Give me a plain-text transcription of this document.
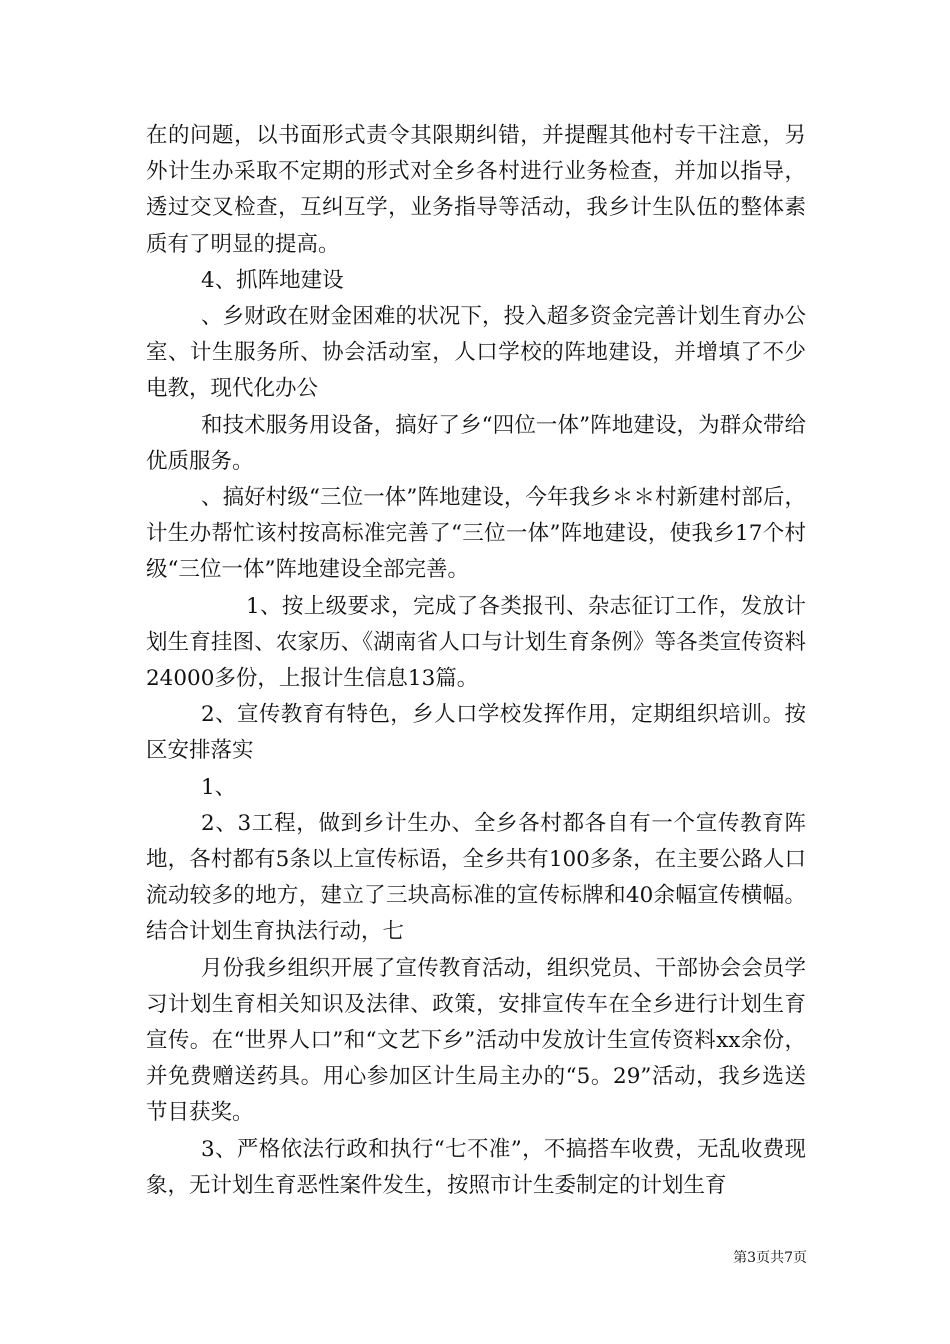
在的问题，以书面形式责令其限期纠错，并提醒其他村专干注意，另外计生办采取不定期的形式对全乡各村进行业务检查，并加以指导，透过交叉检查，互纠互学，业务指导等活动，我乡计生队伍的整体素质有了明显的提高。

4、抓阵地建设

、乡财政在财金困难的状况下，投入超多资金完善计划生育办公室、计生服务所、协会活动室，人口学校的阵地建设，并增填了不少电教，现代化办公

和技术服务用设备，搞好了乡“四位一体”阵地建设，为群众带给优质服务。

、搞好村级“三位一体”阵地建设，今年我乡＊＊村新建村部后，计生办帮忙该村按高标准完善了“三位一体”阵地建设，使我乡17个村级“三位一体”阵地建设全部完善。

1、按上级要求，完成了各类报刊、杂志征订工作，发放计划生育挂图、农家历、《湖南省人口与计划生育条例》等各类宣传资料24000多份，上报计生信息13篇。

2、宣传教育有特色，乡人口学校发挥作用，定期组织培训。按区安排落实

1、

2、3工程，做到乡计生办、全乡各村都各自有一个宣传教育阵地，各村都有5条以上宣传标语，全乡共有100多条，在主要公路人口流动较多的地方，建立了三块高标准的宣传标牌和40余幅宣传横幅。结合计划生育执法行动，七

月份我乡组织开展了宣传教育活动，组织党员、干部协会会员学习计划生育相关知识及法律、政策，安排宣传车在全乡进行计划生育宣传。在“世界人口”和“文艺下乡”活动中发放计生宣传资料xx余份，并免费赠送药具。用心参加区计生局主办的“5。29”活动，我乡选送节目获奖。

3、严格依法行政和执行“七不准”，不搞搭车收费，无乱收费现象，无计划生育恶性案件发生，按照市计生委制定的计划生育

第3页共7页
